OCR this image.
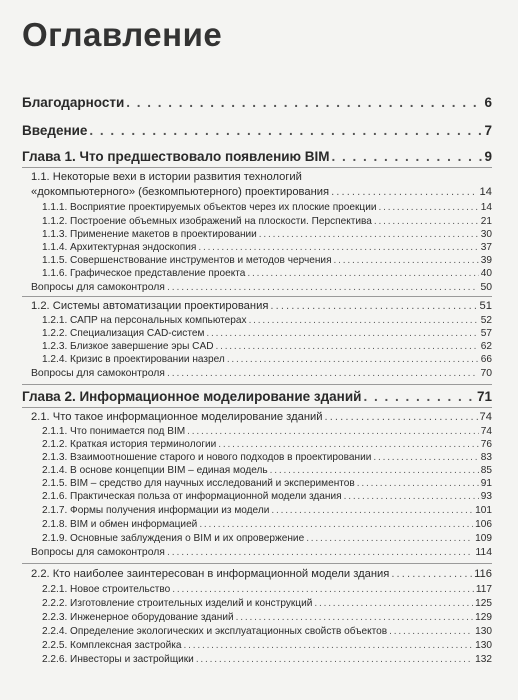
Оглавление
Благодарности . . .	6
Введение . . .	7
Глава 1. Что предшествовало появлению BIM . . .	9
1.1. Некоторые вехи в истории развития технологий
«докомпьютерного» (безкомпьютерного) проектирования . . .	14
1.1.1. Восприятие проектируемых объектов через их плоские проекции . . .	14
1.1.2. Построение объемных изображений на плоскости. Перспектива . . .	21
1.1.3. Применение макетов в проектировании . . .	30
1.1.4. Архитектурная эндоскопия . . .	37
1.1.5. Совершенствование инструментов и методов черчения . . .	39
1.1.6. Графическое представление проекта . . .	40
Вопросы для самоконтроля . . .	50
1.2. Системы автоматизации проектирования . . .	51
1.2.1. САПР на персональных компьютерах . . .	52
1.2.2. Специализация CAD-систем . . .	57
1.2.3. Близкое завершение эры CAD . . .	62
1.2.4. Кризис в проектировании назрел . . .	66
Вопросы для самоконтроля . . .	70
Глава 2. Информационное моделирование зданий . . .	71
2.1. Что такое информационное моделирование зданий . . .	74
2.1.1. Что понимается под BIM . . .	74
2.1.2. Краткая история терминологии . . .	76
2.1.3. Взаимоотношение старого и нового подходов в проектировании . . .	83
2.1.4. В основе концепции BIM – единая модель . . .	85
2.1.5. BIM – средство для научных исследований и экспериментов . . .	91
2.1.6. Практическая польза от информационной модели здания . . .	93
2.1.7. Формы получения информации из модели . . .	101
2.1.8. BIM и обмен информацией . . .	106
2.1.9. Основные заблуждения о BIM и их опровержение . . .	109
Вопросы для самоконтроля . . .	114
2.2. Кто наиболее заинтересован в информационной модели здания . . .	116
2.2.1. Новое строительство . . .	117
2.2.2. Изготовление строительных изделий и конструкций . . .	125
2.2.3. Инженерное оборудование зданий . . .	129
2.2.4. Определение экологических и эксплуатационных свойств объектов . . .	130
2.2.5. Комплексная застройка . . .	130
2.2.6. Инвесторы и застройщики . . .	132
